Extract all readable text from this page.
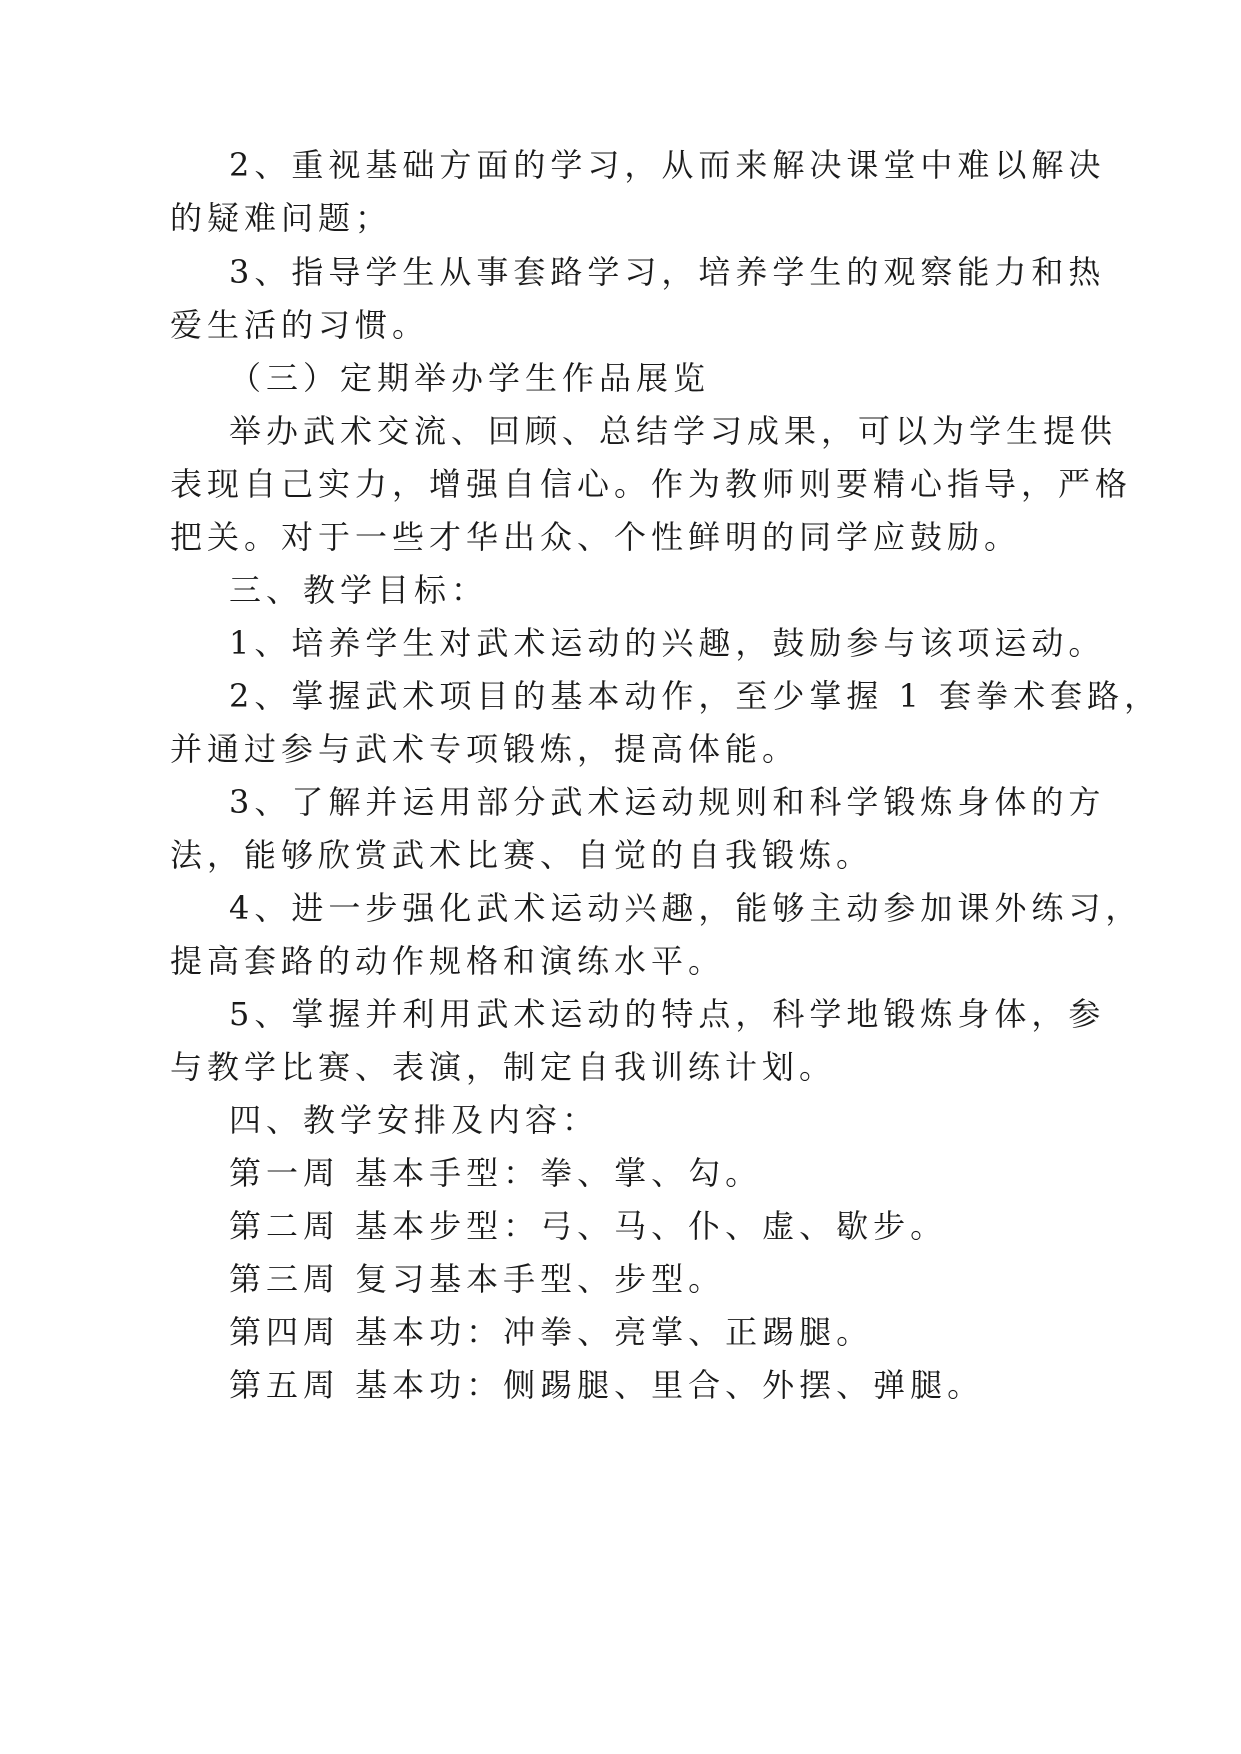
2、重视基础方面的学习，从而来解决课堂中难以解决
的疑难问题；
3、指导学生从事套路学习，培养学生的观察能力和热
爱生活的习惯。
（三）定期举办学生作品展览
举办武术交流、回顾、总结学习成果，可以为学生提供
表现自己实力，增强自信心。作为教师则要精心指导，严格
把关。对于一些才华出众、个性鲜明的同学应鼓励。
三、教学目标：
1、培养学生对武术运动的兴趣，鼓励参与该项运动。
2、掌握武术项目的基本动作，至少掌握 1 套拳术套路，
并通过参与武术专项锻炼，提高体能。
3、了解并运用部分武术运动规则和科学锻炼身体的方
法，能够欣赏武术比赛、自觉的自我锻炼。
4、进一步强化武术运动兴趣，能够主动参加课外练习，
提高套路的动作规格和演练水平。
5、掌握并利用武术运动的特点，科学地锻炼身体，参
与教学比赛、表演，制定自我训练计划。
四、教学安排及内容：
第一周 基本手型：拳、掌、勾。
第二周 基本步型：弓、马、仆、虚、歇步。
第三周 复习基本手型、步型。
第四周 基本功：冲拳、亮掌、正踢腿。
第五周 基本功：侧踢腿、里合、外摆、弹腿。
